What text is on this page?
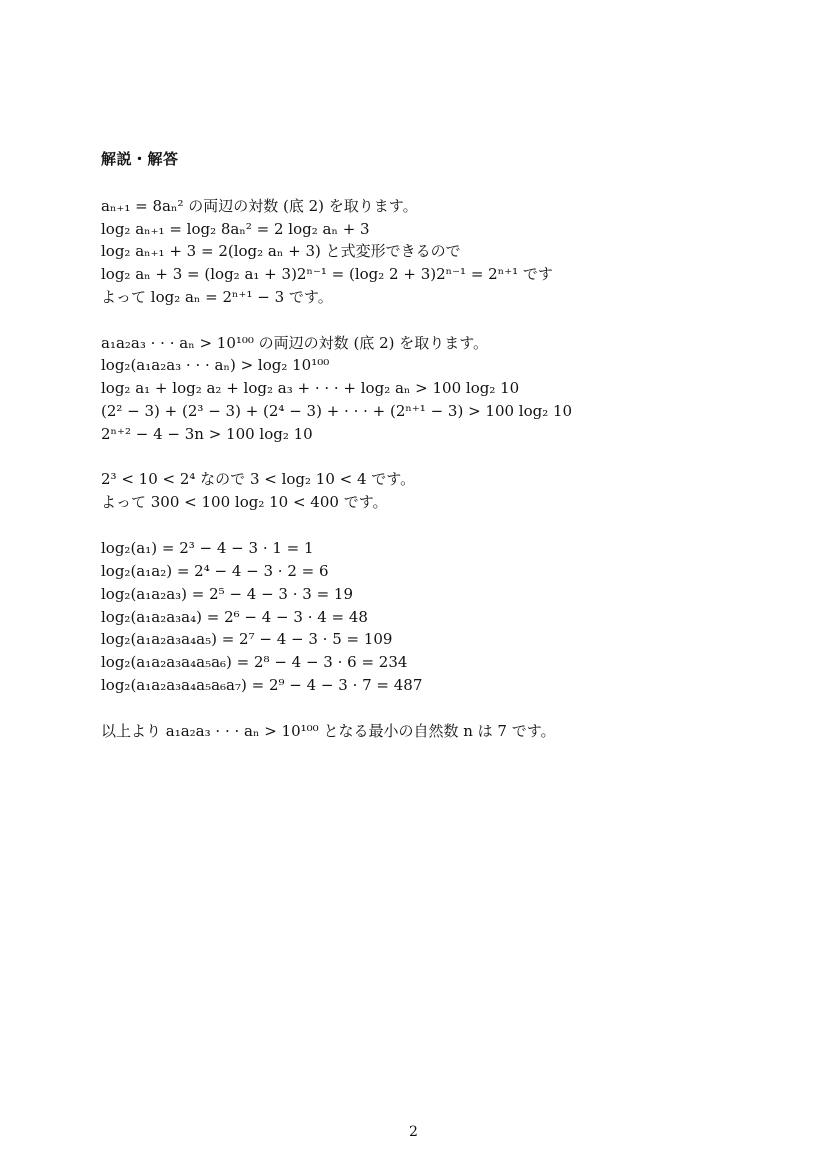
解説・解答
aₙ₊₁ = 8aₙ² の両辺の対数 (底 2) を取ります。
log₂ aₙ₊₁ = log₂ 8aₙ² = 2 log₂ aₙ + 3
log₂ aₙ₊₁ + 3 = 2(log₂ aₙ + 3) と式変形できるので
log₂ aₙ + 3 = (log₂ a₁ + 3)2ⁿ⁻¹ = (log₂ 2 + 3)2ⁿ⁻¹ = 2ⁿ⁺¹ です
よって log₂ aₙ = 2ⁿ⁺¹ − 3 です。
a₁a₂a₃ · · · aₙ > 10¹⁰⁰ の両辺の対数 (底 2) を取ります。
log₂(a₁a₂a₃ · · · aₙ) > log₂ 10¹⁰⁰
log₂ a₁ + log₂ a₂ + log₂ a₃ + · · · + log₂ aₙ > 100 log₂ 10
(2² − 3) + (2³ − 3) + (2⁴ − 3) + · · · + (2ⁿ⁺¹ − 3) > 100 log₂ 10
2ⁿ⁺² − 4 − 3n > 100 log₂ 10
2³ < 10 < 2⁴ なので 3 < log₂ 10 < 4 です。
よって 300 < 100 log₂ 10 < 400 です。
log₂(a₁) = 2³ − 4 − 3 · 1 = 1
log₂(a₁a₂) = 2⁴ − 4 − 3 · 2 = 6
log₂(a₁a₂a₃) = 2⁵ − 4 − 3 · 3 = 19
log₂(a₁a₂a₃a₄) = 2⁶ − 4 − 3 · 4 = 48
log₂(a₁a₂a₃a₄a₅) = 2⁷ − 4 − 3 · 5 = 109
log₂(a₁a₂a₃a₄a₅a₆) = 2⁸ − 4 − 3 · 6 = 234
log₂(a₁a₂a₃a₄a₅a₆a₇) = 2⁹ − 4 − 3 · 7 = 487
以上より a₁a₂a₃ · · · aₙ > 10¹⁰⁰ となる最小の自然数 n は 7 です。
2
